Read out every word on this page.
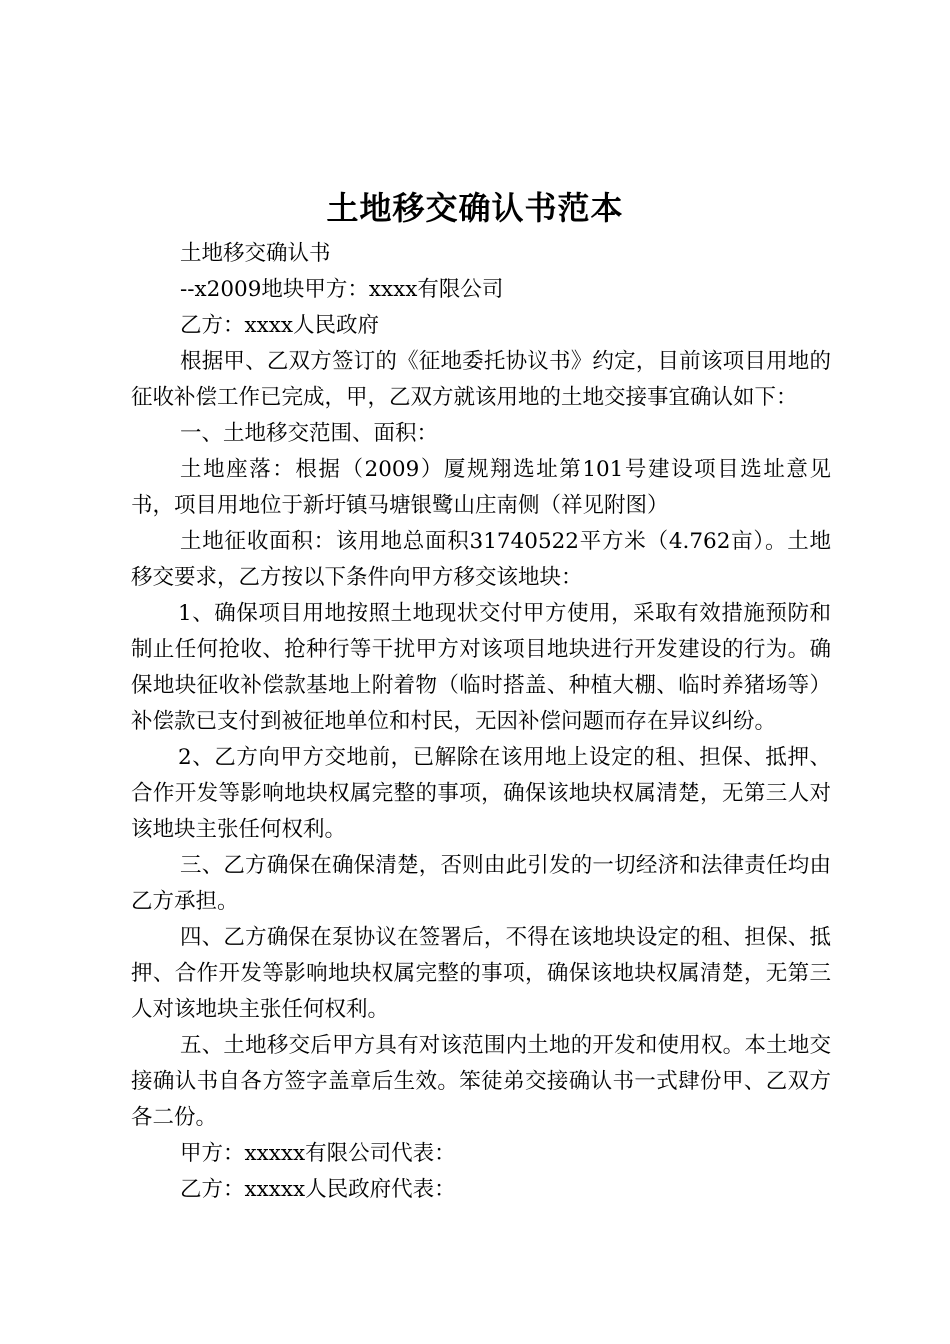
土地移交确认书范本

土地移交确认书

--x2009地块甲方：xxxx有限公司

乙方：xxxx人民政府

根据甲、乙双方签订的《征地委托协议书》约定，目前该项目用地的征收补偿工作已完成，甲，乙双方就该用地的土地交接事宜确认如下：

一、土地移交范围、面积：

土地座落：根据（2009）厦规翔选址第101号建设项目选址意见书，项目用地位于新圩镇马塘银鹭山庄南侧（祥见附图）

土地征收面积：该用地总面积31740522平方米（4.762亩）。土地移交要求，乙方按以下条件向甲方移交该地块：

1、确保项目用地按照土地现状交付甲方使用，采取有效措施预防和制止任何抢收、抢种行等干扰甲方对该项目地块进行开发建设的行为。确保地块征收补偿款基地上附着物（临时搭盖、种植大棚、临时养猪场等）补偿款已支付到被征地单位和村民，无因补偿问题而存在异议纠纷。

2、乙方向甲方交地前，已解除在该用地上设定的租、担保、抵押、合作开发等影响地块权属完整的事项，确保该地块权属清楚，无第三人对该地块主张任何权利。

三、乙方确保在确保清楚，否则由此引发的一切经济和法律责任均由乙方承担。

四、乙方确保在泵协议在签署后，不得在该地块设定的租、担保、抵押、合作开发等影响地块权属完整的事项，确保该地块权属清楚，无第三人对该地块主张任何权利。

五、土地移交后甲方具有对该范围内土地的开发和使用权。本土地交接确认书自各方签字盖章后生效。笨徒弟交接确认书一式肆份甲、乙双方各二份。

甲方：xxxxx有限公司代表：

乙方：xxxxx人民政府代表：
